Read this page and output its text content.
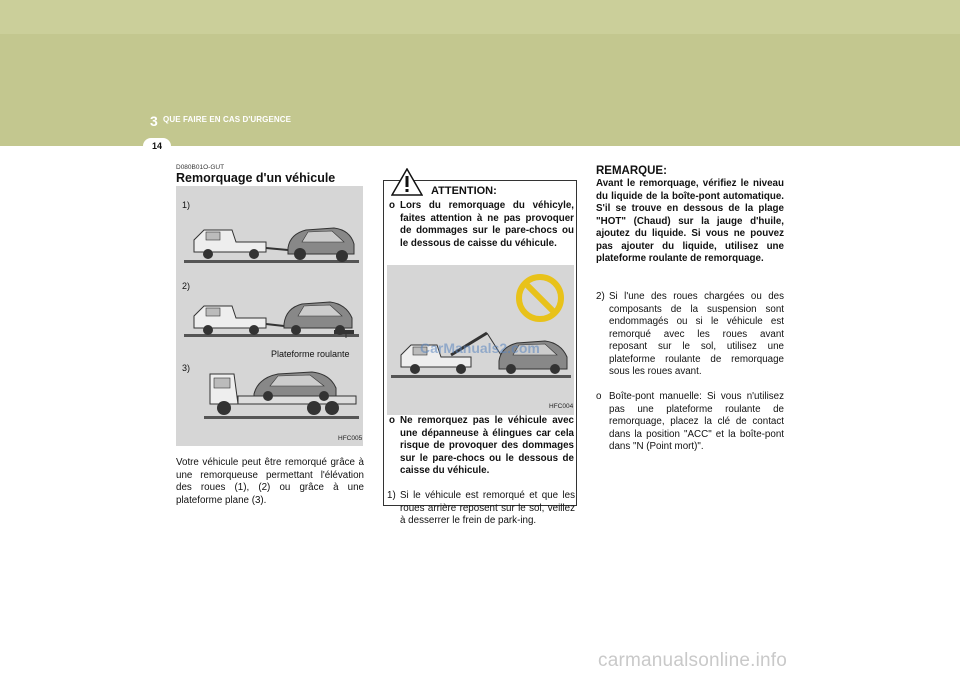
3 QUE FAIRE EN CAS D'URGENCE
14
D080B01O-GUT
Remorquage d'un véhicule
1)
2)
3)
Plateforme roulante
HFC005
Votre véhicule peut être remorqué grâce à une remorqueuse permettant l'élévation des roues (1), (2) ou grâce à une plateforme plane (3).
ATTENTION:
o Lors du remorquage du véhicyle, faites attention à ne pas provoquer de dommages sur le pare-chocs ou le dessous de caisse du véhicule.
HFC004
CarManuals2.com
o Ne remorquez pas le véhicule avec une dépanneuse à élingues car cela risque de provoquer des dommages sur le pare-chocs ou le dessous de caisse du véhicule.
1) Si le véhicule est remorqué et que les roues arrière reposent sur le sol, veillez à desserrer le frein de park-ing.
REMARQUE:
Avant le remorquage, vérifiez le niveau du liquide de la boîte-pont automatique. S'il se trouve en dessous de la plage "HOT" (Chaud) sur la jauge d'huile, ajoutez du liquide. Si vous ne pouvez pas ajouter du liquide, utilisez une plateforme roulante de remorquage.
2) Si l'une des roues chargées ou des composants de la suspension sont endommagés ou si le véhicule est remorqué avec les roues avant reposant sur le sol, utilisez une plateforme roulante de remorquage sous les roues avant.
o Boîte-pont manuelle: Si vous n'utilisez pas une plateforme roulante de remorquage, placez la clé de contact dans la position "ACC" et la boîte-pont dans "N (Point mort)".
carmanualsonline.info
